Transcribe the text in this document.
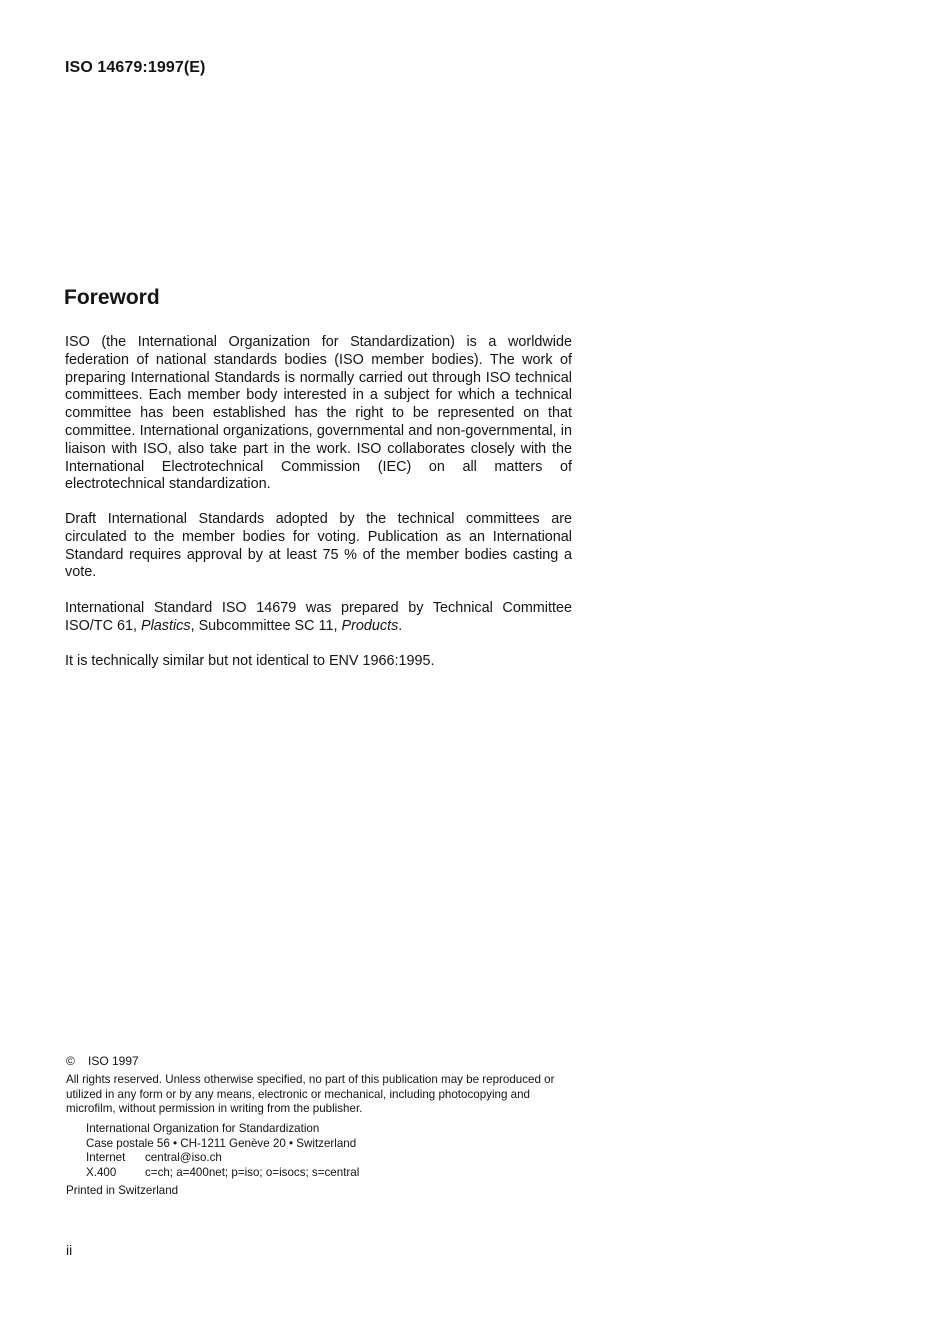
ISO 14679:1997(E)
Foreword

ISO (the International Organization for Standardization) is a worldwide federation of national standards bodies (ISO member bodies). The work of preparing International Standards is normally carried out through ISO technical committees. Each member body interested in a subject for which a technical committee has been established has the right to be represented on that committee. International organizations, governmental and non-governmental, in liaison with ISO, also take part in the work. ISO collaborates closely with the International Electrotechnical Commission (IEC) on all matters of electrotechnical standardization.

Draft International Standards adopted by the technical committees are circulated to the member bodies for voting. Publication as an International Standard requires approval by at least 75 % of the member bodies casting a vote.

International Standard ISO 14679 was prepared by Technical Committee ISO/TC 61, Plastics, Subcommittee SC 11, Products.

It is technically similar but not identical to ENV 1966:1995.

© ISO 1997

All rights reserved. Unless otherwise specified, no part of this publication may be reproduced or utilized in any form or by any means, electronic or mechanical, including photocopying and microfilm, without permission in writing from the publisher.

International Organization for Standardization
Case postale 56 • CH-1211 Genève 20 • Switzerland
Internet central@iso.ch
X.400 c=ch; a=400net; p=iso; o=isocs; s=central
Printed in Switzerland
ii
